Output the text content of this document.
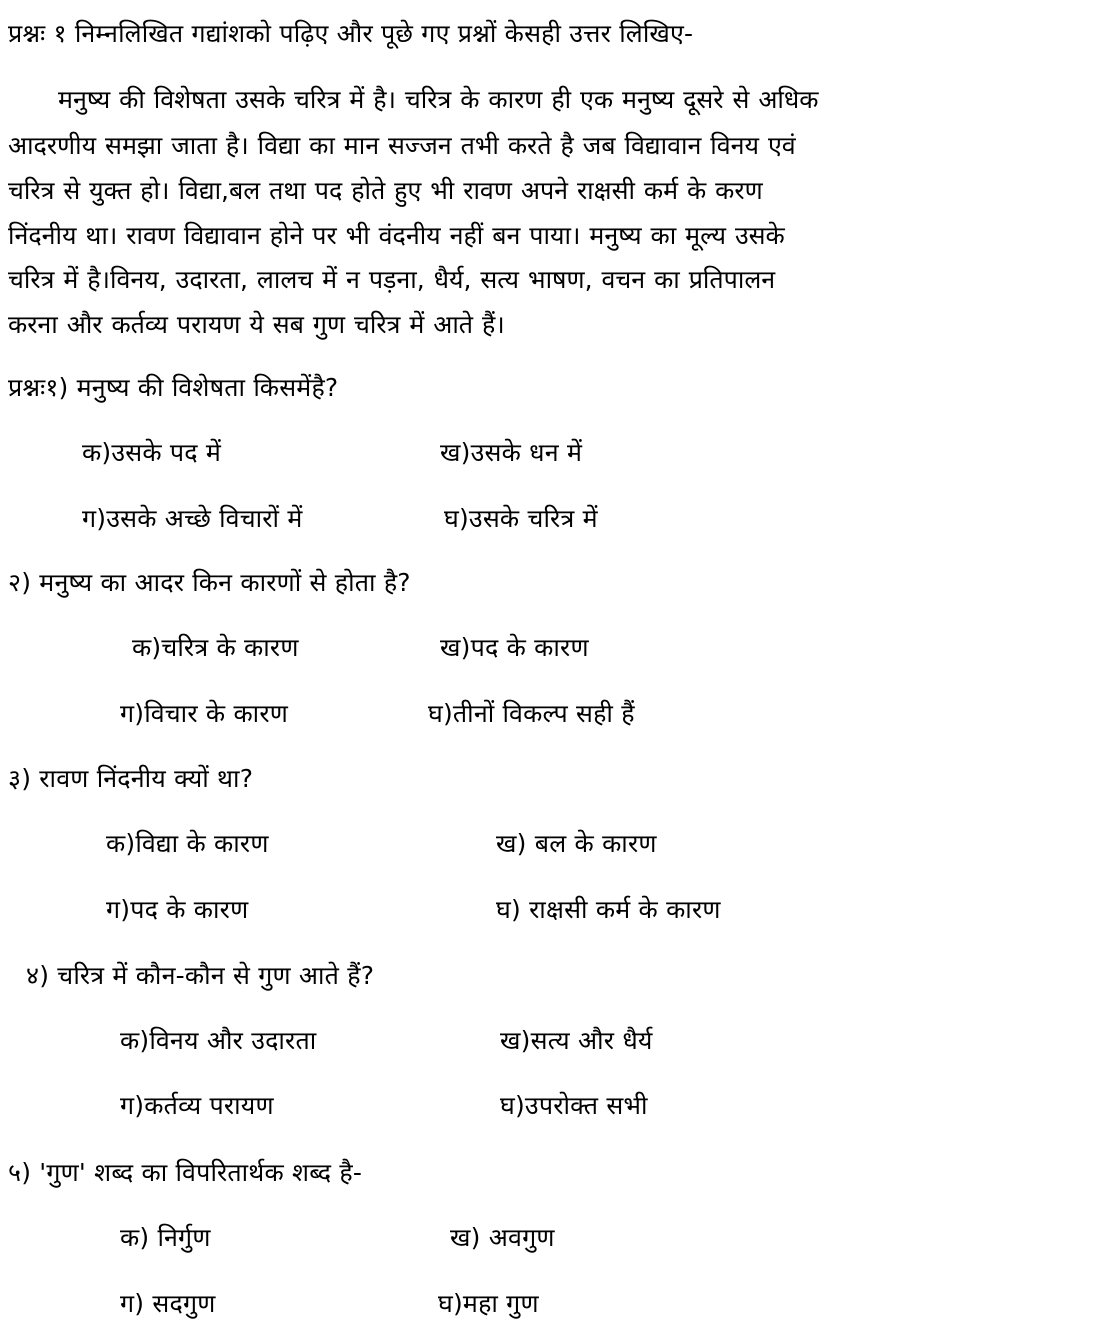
प्रश्नः १ निम्नलिखित गद्यांशको पढ़िए और पूछे गए प्रश्नों केसही उत्तर लिखिए-
मनुष्य की विशेषता उसके चरित्र में है। चरित्र के कारण ही एक मनुष्य दूसरे से अधिक
आदरणीय समझा जाता है। विद्या का मान सज्जन तभी करते है जब विद्यावान विनय एवं
चरित्र से युक्त हो। विद्या,बल तथा पद होते हुए भी रावण अपने राक्षसी कर्म के करण
निंदनीय था। रावण विद्यावान होने पर भी वंदनीय नहीं बन पाया। मनुष्य का मूल्य उसके
चरित्र में है।विनय, उदारता, लालच में न पड़ना, धैर्य, सत्य भाषण, वचन का प्रतिपालन
करना और कर्तव्य परायण ये सब गुण चरित्र में आते हैं।
प्रश्नः१) मनुष्य की विशेषता किसमेंहै?
क)उसके पद में	ख)उसके धन में
ग)उसके अच्छे विचारों में	घ)उसके चरित्र में
२) मनुष्य का आदर किन कारणों से होता है?
क)चरित्र के कारण	ख)पद के कारण
ग)विचार के कारण	घ)तीनों विकल्प सही हैं
३) रावण निंदनीय क्यों था?
क)विद्या के कारण	ख) बल के कारण
ग)पद के कारण	घ) राक्षसी कर्म के कारण
४) चरित्र में कौन-कौन से गुण आते हैं?
क)विनय और उदारता	ख)सत्य और धैर्य
ग)कर्तव्य परायण	घ)उपरोक्त सभी
५) 'गुण' शब्द का विपरितार्थक शब्द है-
क) निर्गुण	ख) अवगुण
ग) सदगुण	घ)महा गुण
